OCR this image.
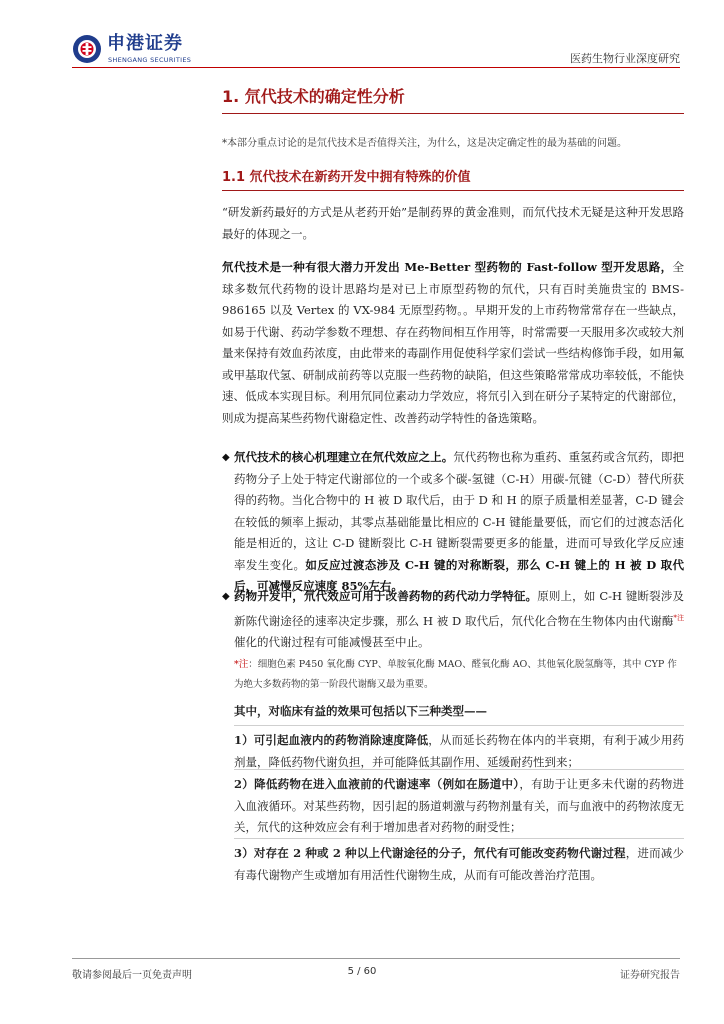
申港证券
SHENGANG SECURITIES	医药生物行业深度研究
1. 氘代技术的确定性分析
*本部分重点讨论的是氘代技术是否值得关注，为什么，这是决定确定性的最为基础的问题。
1.1 氘代技术在新药开发中拥有特殊的价值
“研发新药最好的方式是从老药开始”是制药界的黄金准则，而氘代技术无疑是这种开发思路最好的体现之一。
氘代技术是一种有很大潜力开发出 Me-Better 型药物的 Fast-follow 型开发思路，全球多数氘代药物的设计思路均是对已上市原型药物的氘代，只有百时美施贵宝的 BMS-986165 以及 Vertex 的 VX-984 无原型药物。。早期开发的上市药物常常存在一些缺点，如易于代谢、药动学参数不理想、存在药物间相互作用等，时常需要一天服用多次或较大剂量来保持有效血药浓度，由此带来的毒副作用促使科学家们尝试一些结构修饰手段，如用氟或甲基取代氢、研制成前药等以克服一些药物的缺陷，但这些策略常常成功率较低，不能快速、低成本实现目标。利用氘同位素动力学效应，将氘引入到在研分子某特定的代谢部位，则成为提高某些药物代谢稳定性、改善药动学特性的备选策略。
◆ 氘代技术的核心机理建立在氘代效应之上。氘代药物也称为重药、重氢药或含氘药，即把药物分子上处于特定代谢部位的一个或多个碳-氢键（C-H）用碳-氘键（C-D）替代所获得的药物。当化合物中的 H 被 D 取代后，由于 D 和 H 的原子质量相差显著，C-D 键会在较低的频率上振动，其零点基础能量比相应的 C-H 键能量要低，而它们的过渡态活化能是相近的，这让 C-D 键断裂比 C-H 键断裂需要更多的能量，进而可导致化学反应速率发生变化。如反应过渡态涉及 C-H 键的对称断裂，那么 C-H 键上的 H 被 D 取代后，可减慢反应速度 85%左右。
◆ 药物开发中，氘代效应可用于改善药物的药代动力学特征。原则上，如 C-H 键断裂涉及新陈代谢途径的速率决定步骤，那么 H 被 D 取代后，氘代化合物在生物体内由代谢酶$^{*注}$催化的代谢过程有可能减慢甚至中止。
*注：细胞色素 P450 氧化酶 CYP、单胺氧化酶 MAO、醛氧化酶 AO、其他氧化脱氢酶等，其中 CYP 作为绝大多数药物的第一阶段代谢酶又最为重要。
其中，对临床有益的效果可包括以下三种类型——
1）可引起血液内的药物消除速度降低，从而延长药物在体内的半衰期，有利于减少用药剂量，降低药物代谢负担，并可能降低其副作用、延缓耐药性到来；
2）降低药物在进入血液前的代谢速率（例如在肠道中），有助于让更多未代谢的药物进入血液循环。对某些药物，因引起的肠道刺激与药物剂量有关，而与血液中的药物浓度无关，氘代的这种效应会有利于增加患者对药物的耐受性；
3）对存在 2 种或 2 种以上代谢途径的分子，氘代有可能改变药物代谢过程，进而减少有毒代谢物产生或增加有用活性代谢物生成，从而有可能改善治疗范围。
敬请参阅最后一页免责声明	5 / 60	证券研究报告
